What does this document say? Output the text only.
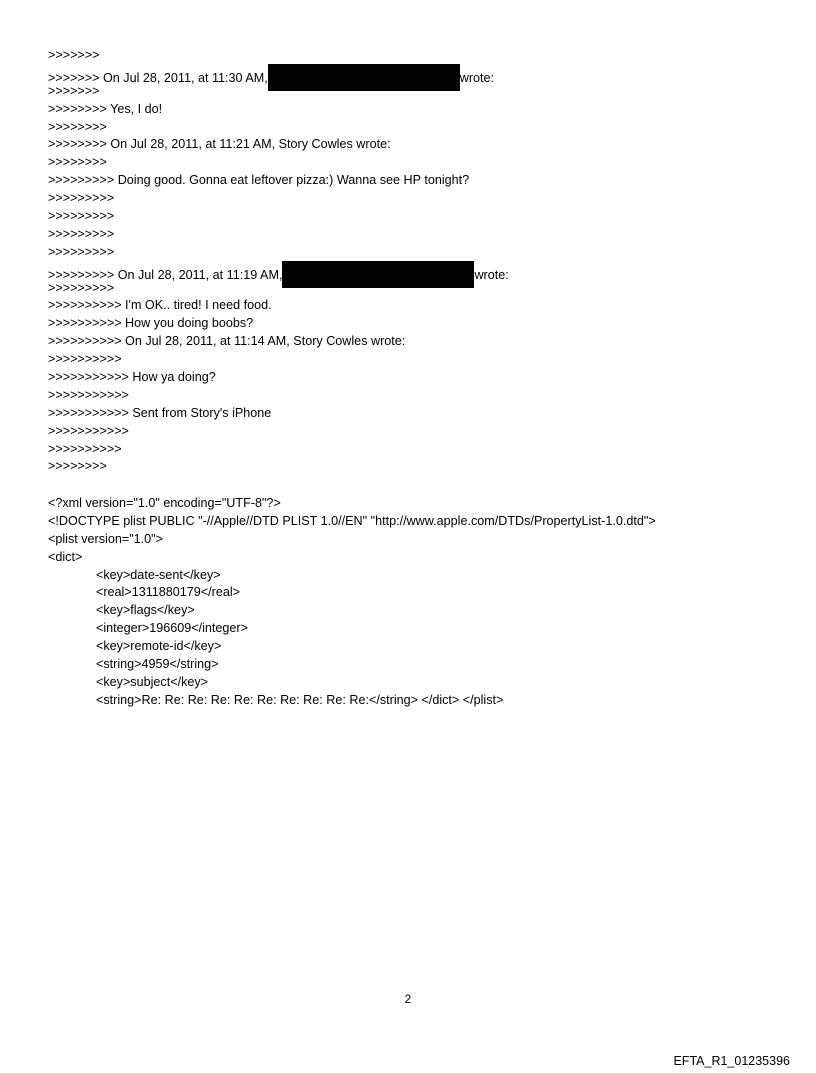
>>>>>>>
>>>>>>> On Jul 28, 2011, at 11:30 AM,	wrote:
>>>>>>>
>>>>>>>> Yes, I do!
>>>>>>>>
>>>>>>>> On Jul 28, 2011, at 11:21 AM, Story Cowles wrote:
>>>>>>>>
>>>>>>>>> Doing good. Gonna eat leftover pizza:) Wanna see HP tonight?
>>>>>>>>>
>>>>>>>>>
>>>>>>>>>
>>>>>>>>>
>>>>>>>>> On Jul 28, 2011, at 11:19 AM,	wrote:
>>>>>>>>>
>>>>>>>>>> I'm OK.. tired! I need food.
>>>>>>>>>> How you doing boobs?
>>>>>>>>>> On Jul 28, 2011, at 11:14 AM, Story Cowles wrote:
>>>>>>>>>>
>>>>>>>>>>> How ya doing?
>>>>>>>>>>>
>>>>>>>>>>> Sent from Story's iPhone
>>>>>>>>>>>
>>>>>>>>>>
>>>>>>>>
<?xml version="1.0" encoding="UTF-8"?>
<!DOCTYPE plist PUBLIC "-//Apple//DTD PLIST 1.0//EN" "http://www.apple.com/DTDs/PropertyList-1.0.dtd">
<plist version="1.0">
<dict>
<key>date-sent</key>
<real>1311880179</real>
<key>flags</key>
<integer>196609</integer>
<key>remote-id</key>
<string>4959</string>
<key>subject</key>
<string>Re: Re: Re: Re: Re: Re: Re: Re: Re: Re:</string> </dict> </plist>
2
EFTA_R1_01235396
